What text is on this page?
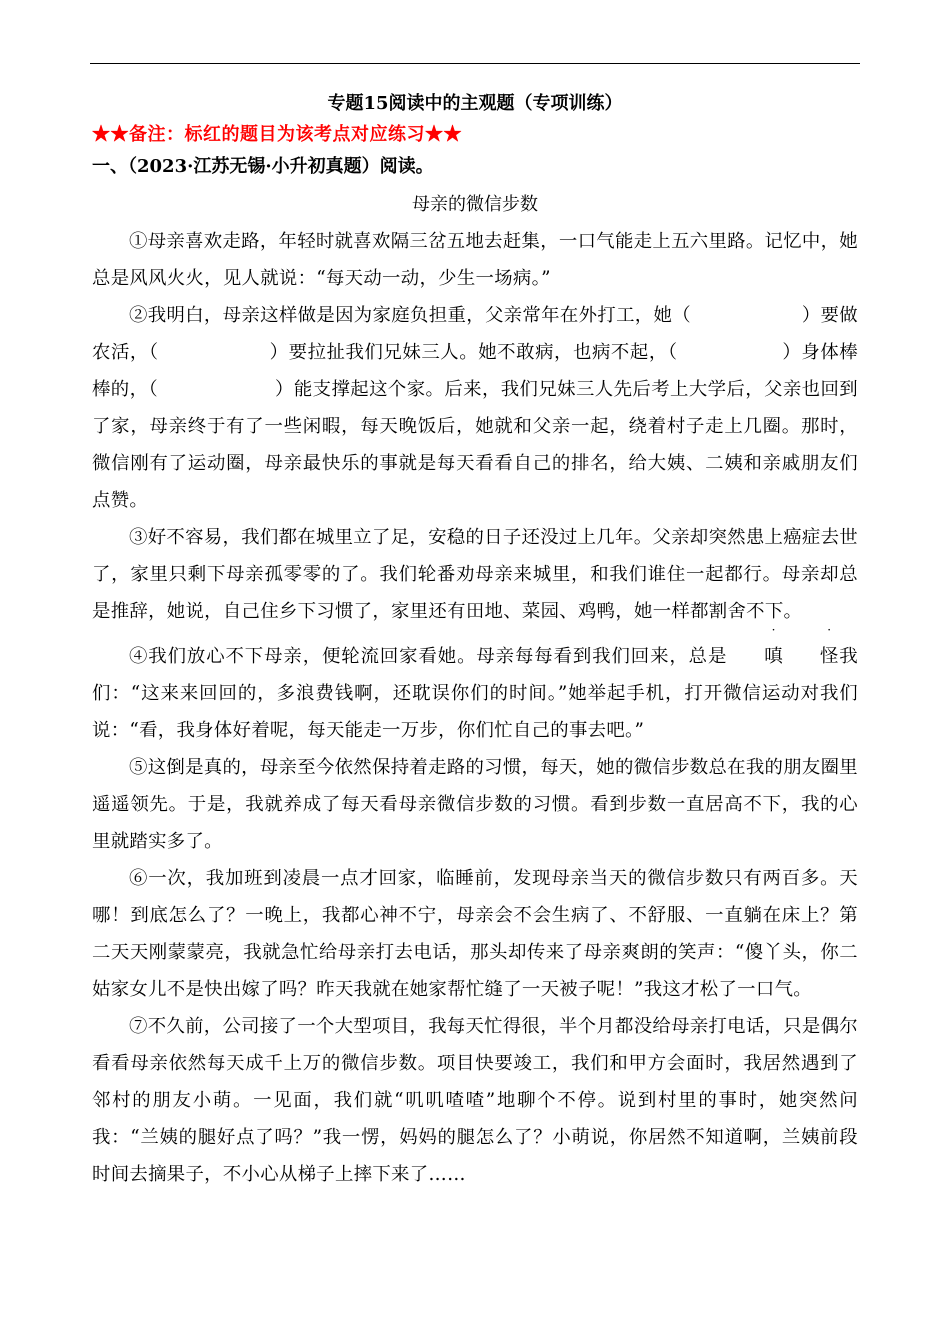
专题15阅读中的主观题（专项训练）
★★备注：标红的题目为该考点对应练习★★
一、（2023·江苏无锡·小升初真题）阅读。
母亲的微信步数

①母亲喜欢走路，年轻时就喜欢隔三岔五地去赶集，一口气能走上五六里路。记忆中，她总是风风火火，见人就说：“每天动一动，少生一场病。”

②我明白，母亲这样做是因为家庭负担重，父亲常年在外打工，她（	）要做农活，（	）要拉扯我们兄妹三人。她不敢病，也病不起，（	）身体棒棒的，（	）能支撑起这个家。后来，我们兄妹三人先后考上大学后，父亲也回到了家，母亲终于有了一些闲暇，每天晚饭后，她就和父亲一起，绕着村子走上几圈。那时，微信刚有了运动圈，母亲最快乐的事就是每天看看自己的排名，给大姨、二姨和亲戚朋友们点赞。

③好不容易，我们都在城里立了足，安稳的日子还没过上几年。父亲却突然患上癌症去世了，家里只剩下母亲孤零零的了。我们轮番劝母亲来城里，和我们谁住一起都行。母亲却总是推辞，她说，自己住乡下习惯了，家里还有田地、菜园、鸡鸭，她一样都割舍不下。

④我们放心不下母亲，便轮流回家看她。母亲每每看到我们回来，总是
·
嗔
·
怪我们：“这来来回回的，多浪费钱啊，还耽误你们的时间。”她举起手机，打开微信运动对我们说：“看，我身体好着呢，每天能走一万步，你们忙自己的事去吧。”

⑤这倒是真的，母亲至今依然保持着走路的习惯，每天，她的微信步数总在我的朋友圈里遥遥领先。于是，我就养成了每天看母亲微信步数的习惯。看到步数一直居高不下，我的心里就踏实多了。

⑥一次，我加班到凌晨一点才回家，临睡前，发现母亲当天的微信步数只有两百多。天哪！到底怎么了？一晚上，我都心神不宁，母亲会不会生病了、不舒服、一直躺在床上？第二天天刚蒙蒙亮，我就急忙给母亲打去电话，那头却传来了母亲爽朗的笑声：“傻丫头，你二姑家女儿不是快出嫁了吗？昨天我就在她家帮忙缝了一天被子呢！”我这才松了一口气。

⑦不久前，公司接了一个大型项目，我每天忙得很，半个月都没给母亲打电话，只是偶尔看看母亲依然每天成千上万的微信步数。项目快要竣工，我们和甲方会面时，我居然遇到了邻村的朋友小萌。一见面，我们就“叽叽喳喳”地聊个不停。说到村里的事时，她突然问我：“兰姨的腿好点了吗？”我一愣，妈妈的腿怎么了？小萌说，你居然不知道啊，兰姨前段时间去摘果子，不小心从梯子上摔下来了……
